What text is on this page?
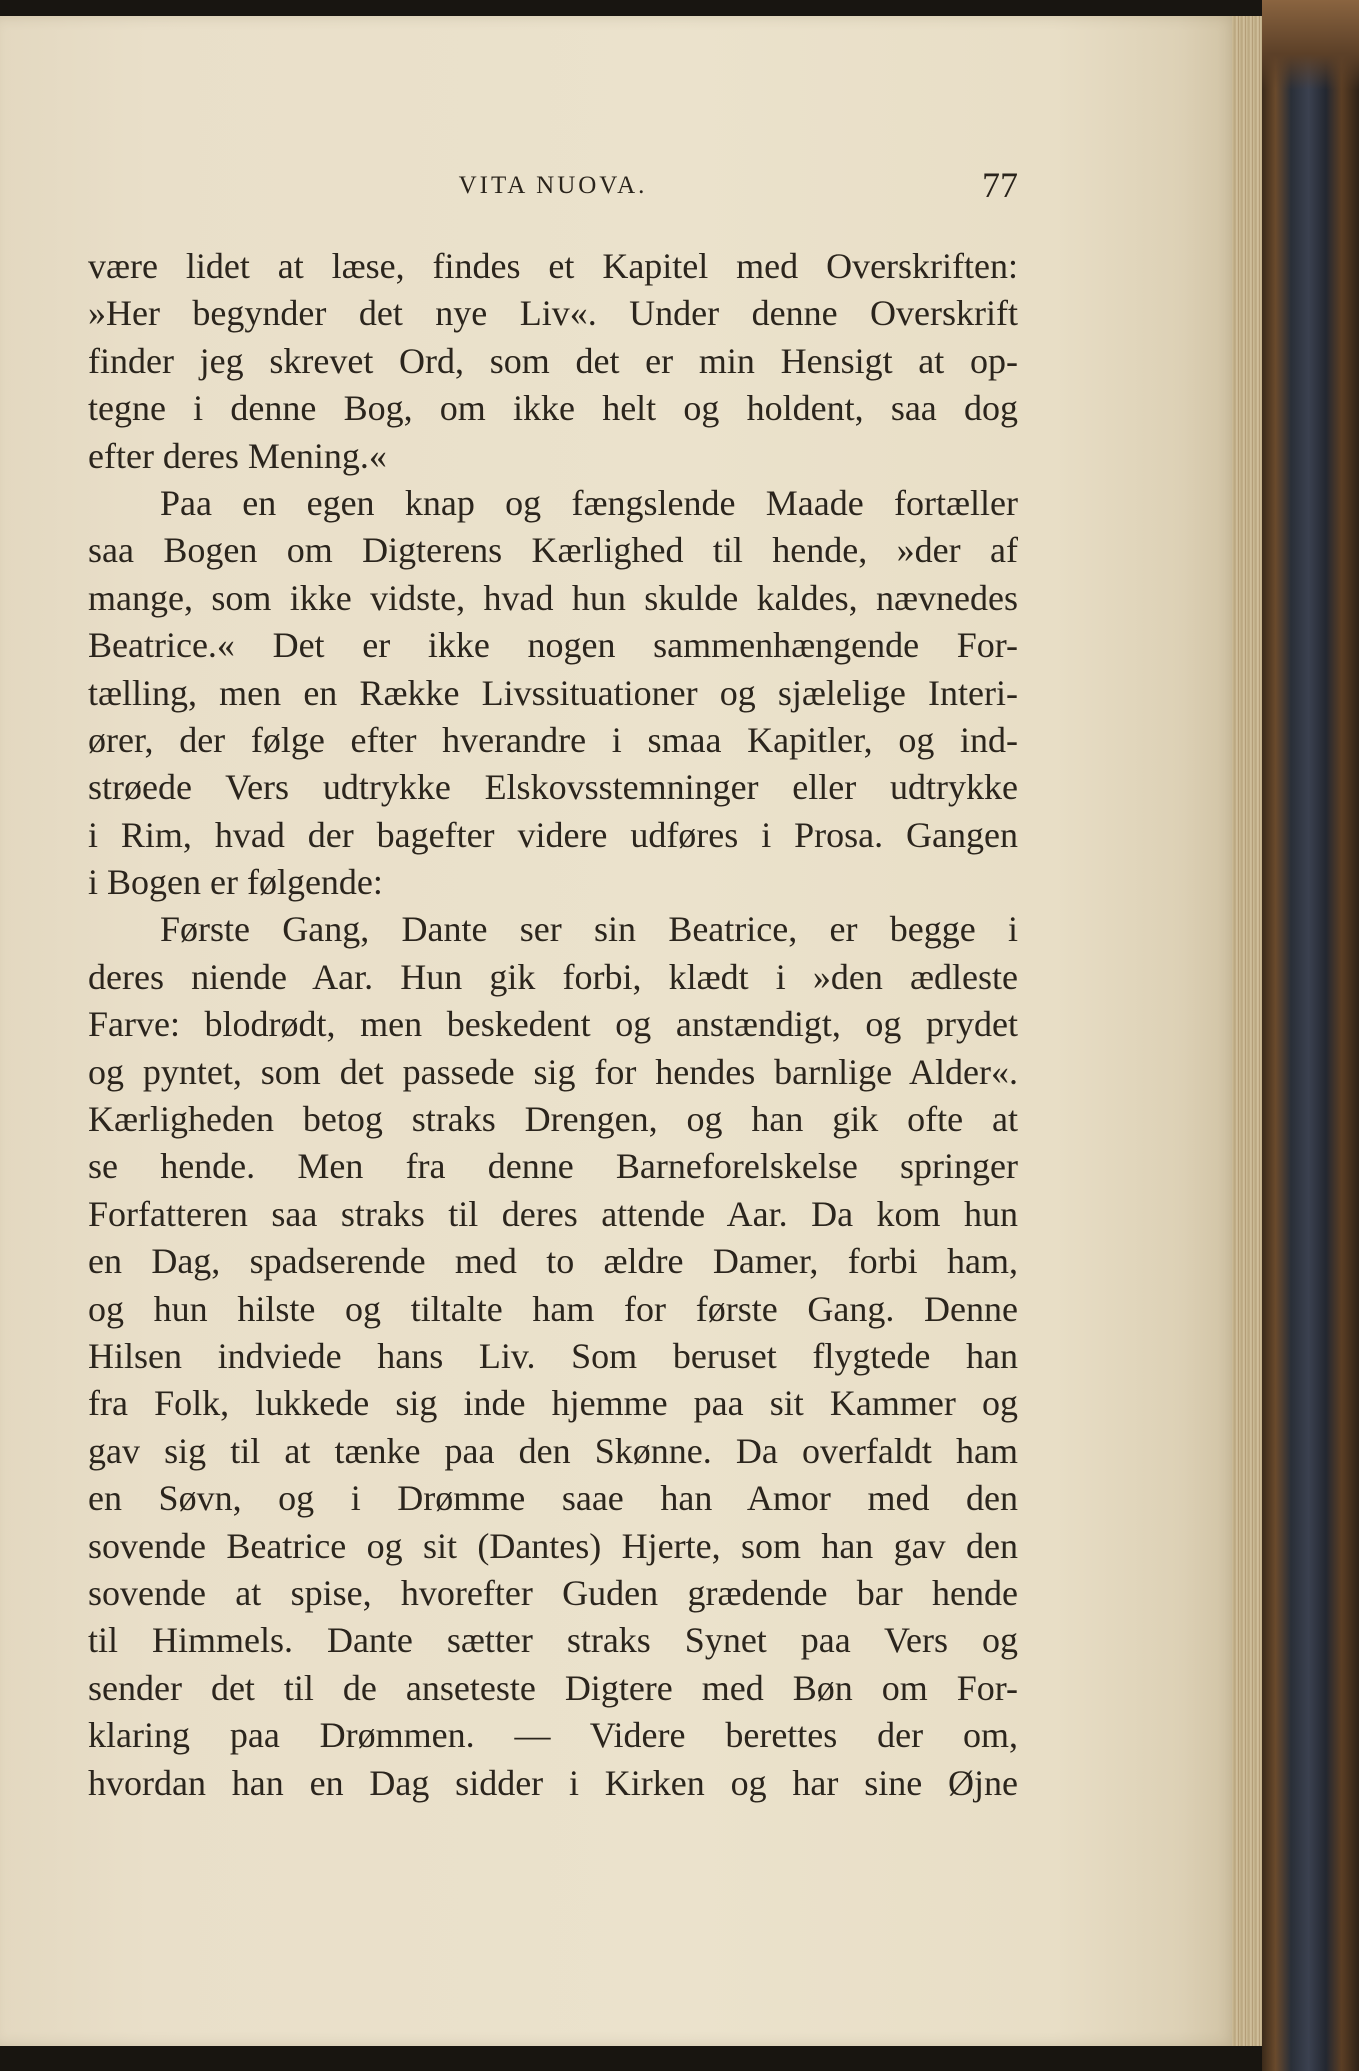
VITA NUOVA.	77
være lidet at læse, findes et Kapitel med Overskriften:
»Her begynder det nye Liv«. Under denne Overskrift
finder jeg skrevet Ord, som det er min Hensigt at op-
tegne i denne Bog, om ikke helt og holdent, saa dog
efter deres Mening.«
Paa en egen knap og fængslende Maade fortæller
saa Bogen om Digterens Kærlighed til hende, »der af
mange, som ikke vidste, hvad hun skulde kaldes, nævnedes
Beatrice.« Det er ikke nogen sammenhængende For-
tælling, men en Række Livssituationer og sjælelige Interi-
ører, der følge efter hverandre i smaa Kapitler, og ind-
strøede Vers udtrykke Elskovsstemninger eller udtrykke
i Rim, hvad der bagefter videre udføres i Prosa. Gangen
i Bogen er følgende:
Første Gang, Dante ser sin Beatrice, er begge i
deres niende Aar. Hun gik forbi, klædt i »den ædleste
Farve: blodrødt, men beskedent og anstændigt, og prydet
og pyntet, som det passede sig for hendes barnlige Alder«.
Kærligheden betog straks Drengen, og han gik ofte at
se hende. Men fra denne Barneforelskelse springer
Forfatteren saa straks til deres attende Aar. Da kom hun
en Dag, spadserende med to ældre Damer, forbi ham,
og hun hilste og tiltalte ham for første Gang. Denne
Hilsen indviede hans Liv. Som beruset flygtede han
fra Folk, lukkede sig inde hjemme paa sit Kammer og
gav sig til at tænke paa den Skønne. Da overfaldt ham
en Søvn, og i Drømme saae han Amor med den
sovende Beatrice og sit (Dantes) Hjerte, som han gav den
sovende at spise, hvorefter Guden grædende bar hende
til Himmels. Dante sætter straks Synet paa Vers og
sender det til de anseteste Digtere med Bøn om For-
klaring paa Drømmen. — Videre berettes der om,
hvordan han en Dag sidder i Kirken og har sine Øjne
